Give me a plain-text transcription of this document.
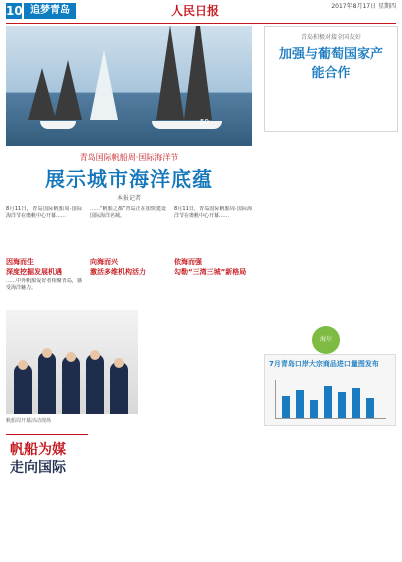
10 追梦青岛	人民日报	2017年8月17日 星期四
59
青岛国际帆船周·国际海洋节
展示城市海洋底蕴
本报记者
8月11日，青岛国际帆船周·国际海洋节在奥帆中心开幕……
因海而生
深度挖掘发展机遇
……中外帆船爱好者相聚青岛，感受海洋魅力。
……“帆船之都”青岛正在加快建设国际海洋名城。
向海而兴
激活多维机构活力
8月11日，青岛国际帆船周·国际海洋节在奥帆中心开幕……
依海而强
勾勒“三湾三城”新格局
青岛积极对接全国友好
加强与葡萄国家产能合作
海尔
7月青岛口岸大宗商品进口量图发布
帆船周开幕活动现场
帆船为媒
走向国际
